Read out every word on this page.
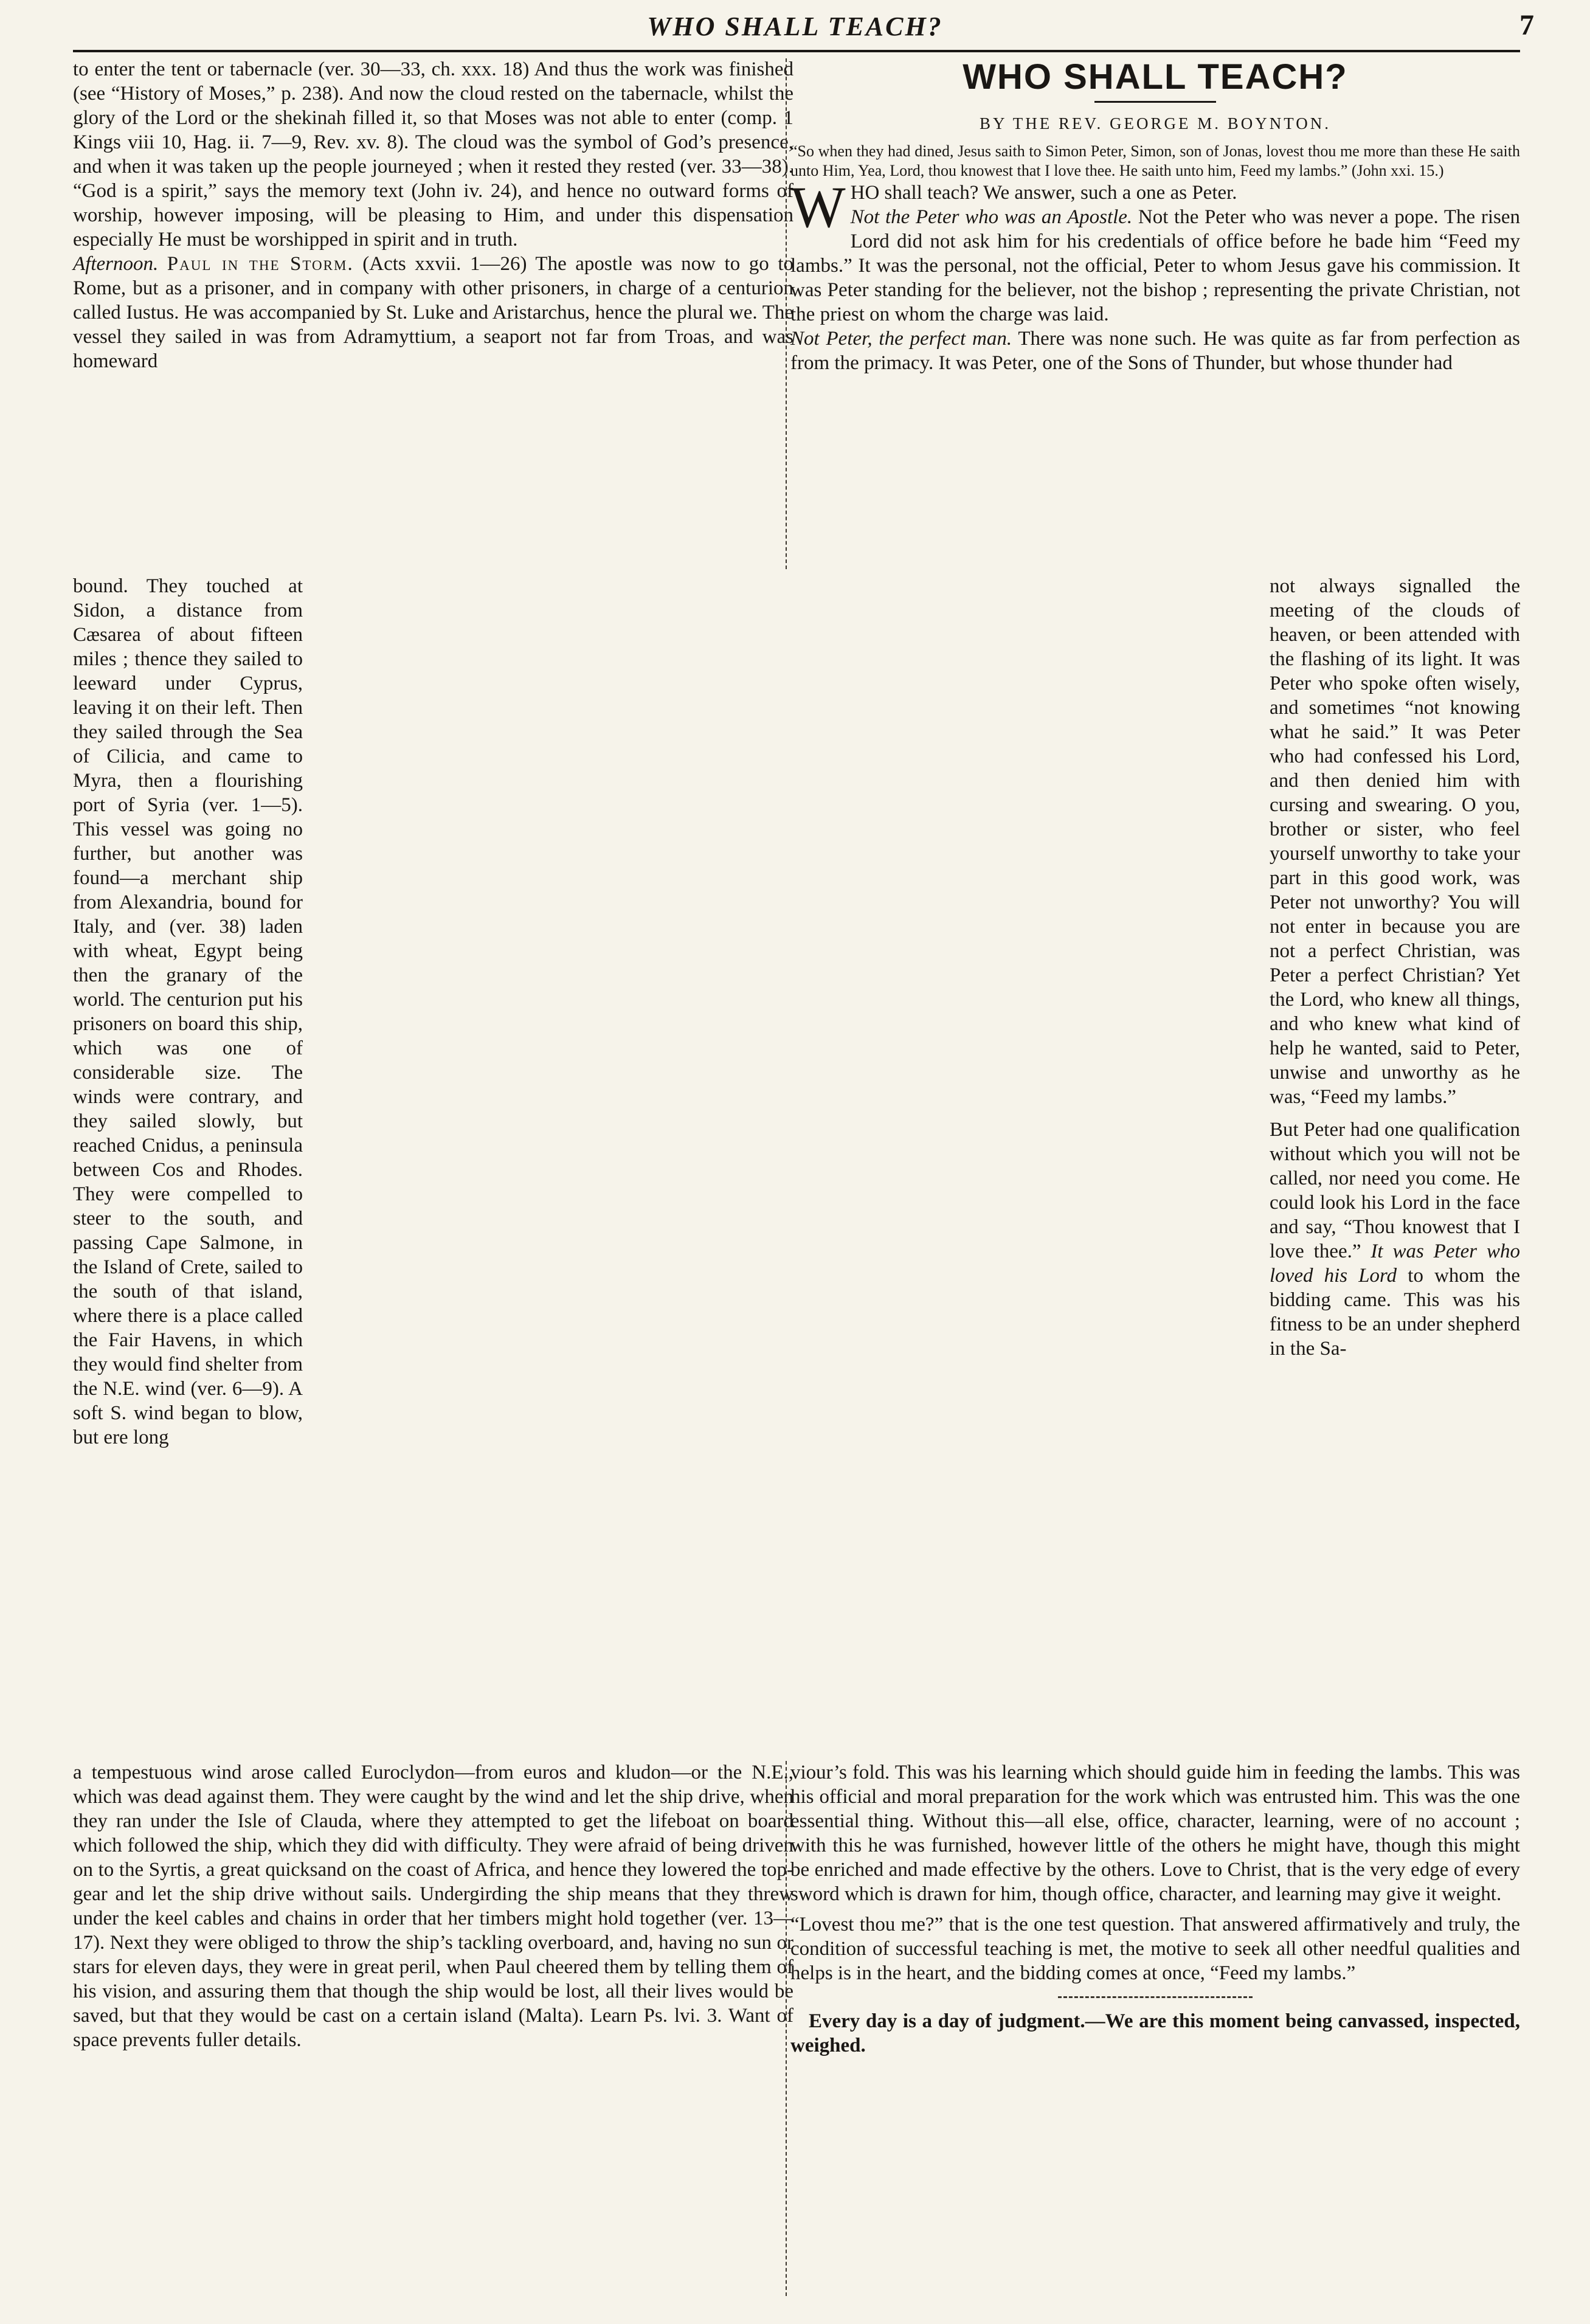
WHO SHALL TEACH?	7

to enter the tent or tabernacle (ver. 30—33, ch. xxx. 18) And thus the work was finished (see “History of Moses,” p. 238). And now the cloud rested on the tabernacle, whilst the glory of the Lord or the shekinah filled it, so that Moses was not able to enter (comp. 1 Kings viii 10, Hag. ii. 7—9, Rev. xv. 8). The cloud was the symbol of God’s presence, and when it was taken up the people journeyed ; when it rested they rested (ver. 33—38). “God is a spirit,” says the memory text (John iv. 24), and hence no outward forms of worship, however imposing, will be pleasing to Him, and under this dispensation especially He must be worshipped in spirit and in truth.

Afternoon. Paul in the Storm. (Acts xxvii. 1—26) The apostle was now to go to Rome, but as a prisoner, and in company with other prisoners, in charge of a centurion called Iustus. He was accompanied by St. Luke and Aristarchus, hence the plural we. The vessel they sailed in was from Adramyttium, a seaport not far from Troas, and was homeward

bound. They touched at Sidon, a distance from Cæsarea of about fifteen miles ; thence they sailed to leeward under Cyprus, leaving it on their left. Then they sailed through the Sea of Cilicia, and came to Myra, then a flourishing port of Syria (ver. 1—5). This vessel was going no further, but another was found—a merchant ship from Alexandria, bound for Italy, and (ver. 38) laden with wheat, Egypt being then the granary of the world. The centurion put his prisoners on board this ship, which was one of considerable size. The winds were contrary, and they sailed slowly, but reached Cnidus, a peninsula between Cos and Rhodes. They were compelled to steer to the south, and passing Cape Salmone, in the Island of Crete, sailed to the south of that island, where there is a place called the Fair Havens, in which they would find shelter from the N.E. wind (ver. 6—9). A soft S. wind began to blow, but ere long

a tempestuous wind arose called Euroclydon—from euros and kludon—or the N.E., which was dead against them. They were caught by the wind and let the ship drive, when they ran under the Isle of Clauda, where they attempted to get the lifeboat on board which followed the ship, which they did with difficulty. They were afraid of being driven on to the Syrtis, a great quicksand on the coast of Africa, and hence they lowered the top-gear and let the ship drive without sails. Undergirding the ship means that they threw under the keel cables and chains in order that her timbers might hold together (ver. 13—17). Next they were obliged to throw the ship’s tackling overboard, and, having no sun or stars for eleven days, they were in great peril, when Paul cheered them by telling them of his vision, and assuring them that though the ship would be lost, all their lives would be saved, but that they would be cast on a certain island (Malta). Learn Ps. lvi. 3. Want of space prevents fuller details.

WHO SHALL TEACH?
BY THE REV. GEORGE M. BOYNTON.

“So when they had dined, Jesus saith to Simon Peter, Simon, son of Jonas, lovest thou me more than these He saith unto Him, Yea, Lord, thou knowest that I love thee. He saith unto him, Feed my lambs.” (John xxi. 15.)

W HO shall teach? We answer, such a one as Peter.
Not the Peter who was an Apostle. Not the Peter who was never a pope. The risen Lord did not ask him for his credentials of office before he bade him “Feed my lambs.” It was the personal, not the official, Peter to whom Jesus gave his commission. It was Peter standing for the believer, not the bishop ; representing the private Christian, not the priest on whom the charge was laid.

Not Peter, the perfect man. There was none such. He was quite as far from perfection as from the primacy. It was Peter, one of the Sons of Thunder, but whose thunder had

not always signalled the meeting of the clouds of heaven, or been attended with the flashing of its light. It was Peter who spoke often wisely, and sometimes “not knowing what he said.” It was Peter who had confessed his Lord, and then denied him with cursing and swearing. O you, brother or sister, who feel yourself unworthy to take your part in this good work, was Peter not unworthy? You will not enter in because you are not a perfect Christian, was Peter a perfect Christian? Yet the Lord, who knew all things, and who knew what kind of help he wanted, said to Peter, unwise and unworthy as he was, “Feed my lambs.”

But Peter had one qualification without which you will not be called, nor need you come. He could look his Lord in the face and say, “Thou knowest that I love thee.” It was Peter who loved his Lord to whom the bidding came. This was his fitness to be an under shepherd in the Sa-

viour’s fold. This was his learning which should guide him in feeding the lambs. This was his official and moral preparation for the work which was entrusted him. This was the one essential thing. Without this—all else, office, character, learning, were of no account ; with this he was furnished, however little of the others he might have, though this might be enriched and made effective by the others. Love to Christ, that is the very edge of every sword which is drawn for him, though office, character, and learning may give it weight.

“Lovest thou me?” that is the one test question. That answered affirmatively and truly, the condition of successful teaching is met, the motive to seek all other needful qualities and helps is in the heart, and the bidding comes at once, “Feed my lambs.”

Every day is a day of judgment.—We are this moment being canvassed, inspected, weighed.
